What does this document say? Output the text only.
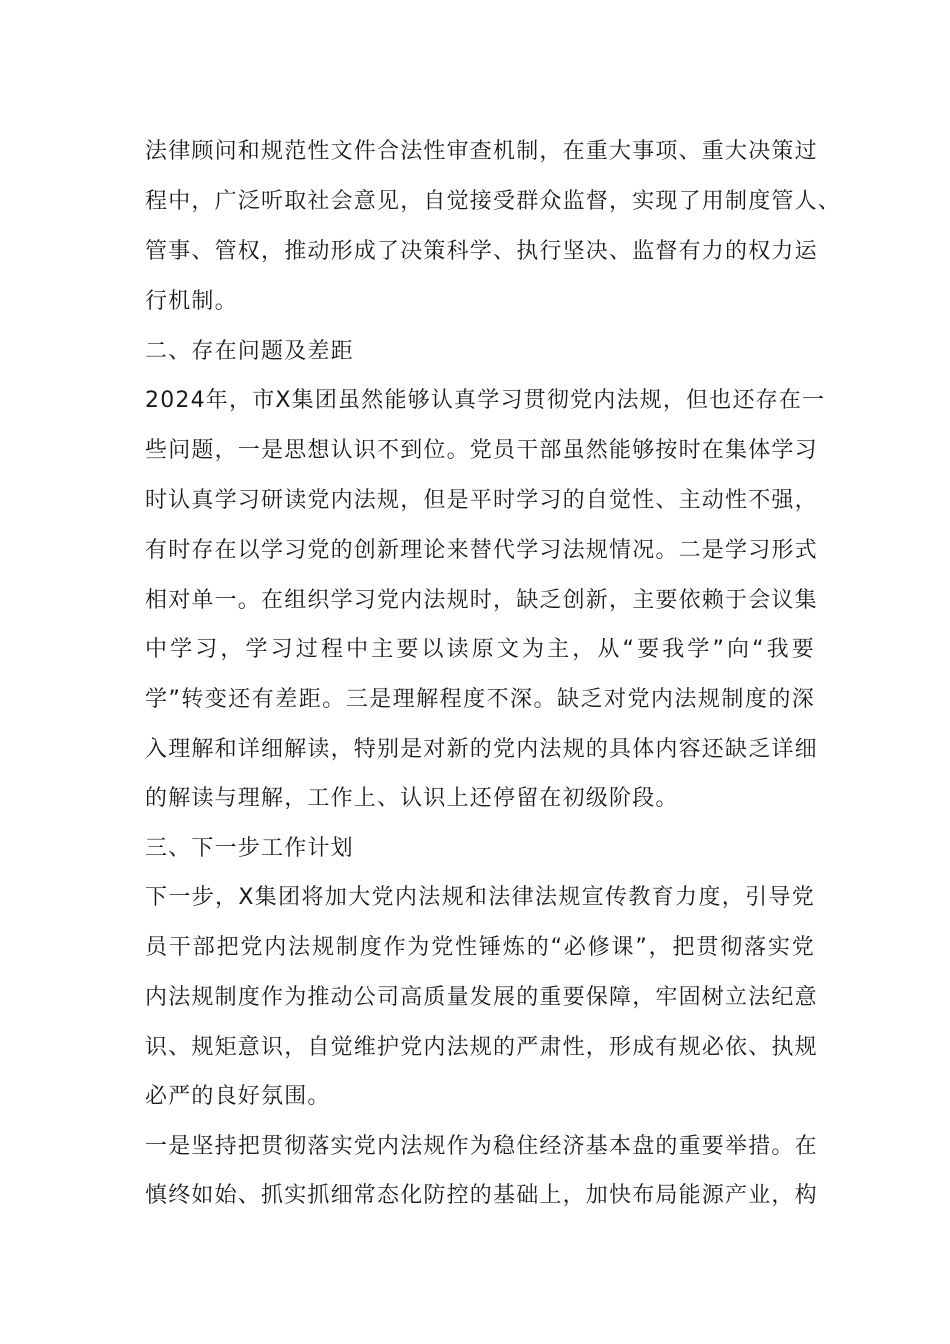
法律顾问和规范性文件合法性审查机制，在重大事项、重大决策过
程中，广泛听取社会意见，自觉接受群众监督，实现了用制度管人、
管事、管权，推动形成了决策科学、执行坚决、监督有力的权力运
行机制。
二、存在问题及差距
2024年，市X集团虽然能够认真学习贯彻党内法规，但也还存在一
些问题，一是思想认识不到位。党员干部虽然能够按时在集体学习
时认真学习研读党内法规，但是平时学习的自觉性、主动性不强，
有时存在以学习党的创新理论来替代学习法规情况。二是学习形式
相对单一。在组织学习党内法规时，缺乏创新，主要依赖于会议集
中学习，学习过程中主要以读原文为主，从“要我学”向“我要
学”转变还有差距。三是理解程度不深。缺乏对党内法规制度的深
入理解和详细解读，特别是对新的党内法规的具体内容还缺乏详细
的解读与理解，工作上、认识上还停留在初级阶段。
三、下一步工作计划
下一步，X集团将加大党内法规和法律法规宣传教育力度，引导党
员干部把党内法规制度作为党性锤炼的“必修课”，把贯彻落实党
内法规制度作为推动公司高质量发展的重要保障，牢固树立法纪意
识、规矩意识，自觉维护党内法规的严肃性，形成有规必依、执规
必严的良好氛围。
一是坚持把贯彻落实党内法规作为稳住经济基本盘的重要举措。在
慎终如始、抓实抓细常态化防控的基础上，加快布局能源产业，构
